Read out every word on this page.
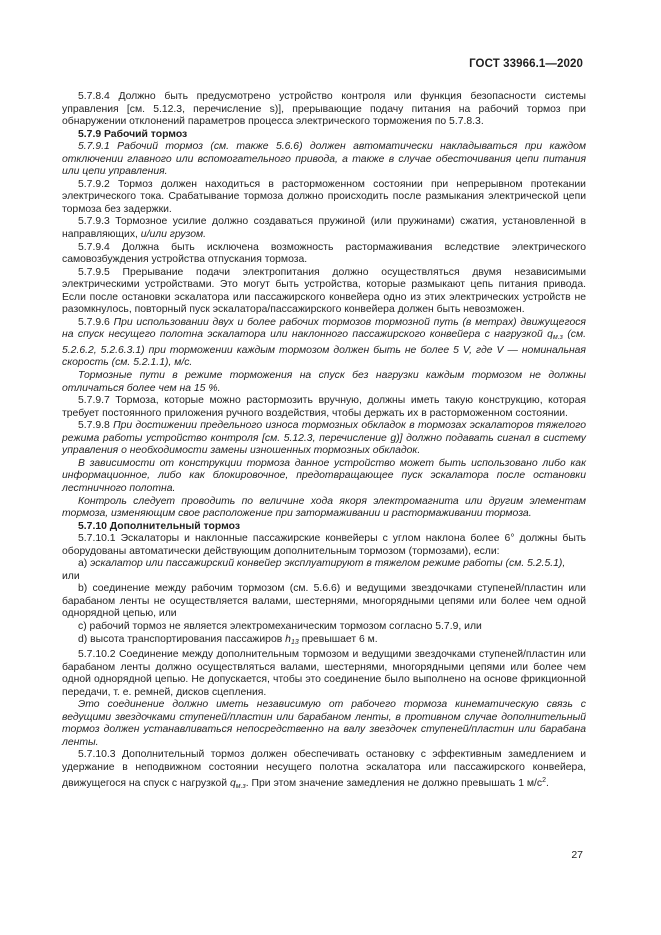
ГОСТ 33966.1—2020

5.7.8.4 Должно быть предусмотрено устройство контроля или функция безопасности системы управления [см. 5.12.3, перечисление s)], прерывающие подачу питания на рабочий тормоз при обнаружении отклонений параметров процесса электрического торможения по 5.7.8.3.

5.7.9 Рабочий тормоз

5.7.9.1 Рабочий тормоз (см. также 5.6.6) должен автоматически накладываться при каждом отключении главного или вспомогательного привода, а также в случае обесточивания цепи питания или цепи управления.

5.7.9.2 Тормоз должен находиться в расторможенном состоянии при непрерывном протекании электрического тока. Срабатывание тормоза должно происходить после размыкания электрической цепи тормоза без задержки.

5.7.9.3 Тормозное усилие должно создаваться пружиной (или пружинами) сжатия, установленной в направляющих, и/или грузом.

5.7.9.4 Должна быть исключена возможность растормаживания вследствие электрического самовозбуждения устройства отпускания тормоза.

5.7.9.5 Прерывание подачи электропитания должно осуществляться двумя независимыми электрическими устройствами. Это могут быть устройства, которые размыкают цепь питания привода. Если после остановки эскалатора или пассажирского конвейера одно из этих электрических устройств не разомкнулось, повторный пуск эскалатора/пассажирского конвейера должен быть невозможен.

5.7.9.6 При использовании двух и более рабочих тормозов тормозной путь (в метрах) движущегося на спуск несущего полотна эскалатора или наклонного пассажирского конвейера с нагрузкой $q_{м.з}$ (см. 5.2.6.2, 5.2.6.3.1) при торможении каждым тормозом должен быть не более 5 V, где V — номинальная скорость (см. 5.2.1.1), м/с.

Тормозные пути в режиме торможения на спуск без нагрузки каждым тормозом не должны отличаться более чем на 15 %.

5.7.9.7 Тормоза, которые можно растормозить вручную, должны иметь такую конструкцию, которая требует постоянного приложения ручного воздействия, чтобы держать их в расторможенном состоянии.

5.7.9.8 При достижении предельного износа тормозных обкладок в тормозах эскалаторов тяжелого режима работы устройство контроля [см. 5.12.3, перечисление g)] должно подавать сигнал в систему управления о необходимости замены изношенных тормозных обкладок.

В зависимости от конструкции тормоза данное устройство может быть использовано либо как информационное, либо как блокировочное, предотвращающее пуск эскалатора после остановки лестничного полотна.

Контроль следует проводить по величине хода якоря электромагнита или другим элементам тормоза, изменяющим свое расположение при затормаживании и растормаживании тормоза.

5.7.10 Дополнительный тормоз

5.7.10.1 Эскалаторы и наклонные пассажирские конвейеры с углом наклона более 6° должны быть оборудованы автоматически действующим дополнительным тормозом (тормозами), если:

а) эскалатор или пассажирский конвейер эксплуатируют в тяжелом режиме работы (см. 5.2.5.1),

или

b) соединение между рабочим тормозом (см. 5.6.6) и ведущими звездочками ступеней/пластин или барабаном ленты не осуществляется валами, шестернями, многорядными цепями или более чем одной однорядной цепью, или

c) рабочий тормоз не является электромеханическим тормозом согласно 5.7.9, или

d) высота транспортирования пассажиров $h_{13}$ превышает 6 м.

5.7.10.2 Соединение между дополнительным тормозом и ведущими звездочками ступеней/пластин или барабаном ленты должно осуществляться валами, шестернями, многорядными цепями или более чем одной однорядной цепью. Не допускается, чтобы это соединение было выполнено на основе фрикционной передачи, т. е. ремней, дисков сцепления.

Это соединение должно иметь независимую от рабочего тормоза кинематическую связь с ведущими звездочками ступеней/пластин или барабаном ленты, в противном случае дополнительный тормоз должен устанавливаться непосредственно на валу звездочек ступеней/пластин или барабана ленты.

5.7.10.3 Дополнительный тормоз должен обеспечивать остановку с эффективным замедлением и удержание в неподвижном состоянии несущего полотна эскалатора или пассажирского конвейера, движущегося на спуск с нагрузкой $q_{м.з}$. При этом значение замедления не должно превышать 1 $м/с^2$.

27
